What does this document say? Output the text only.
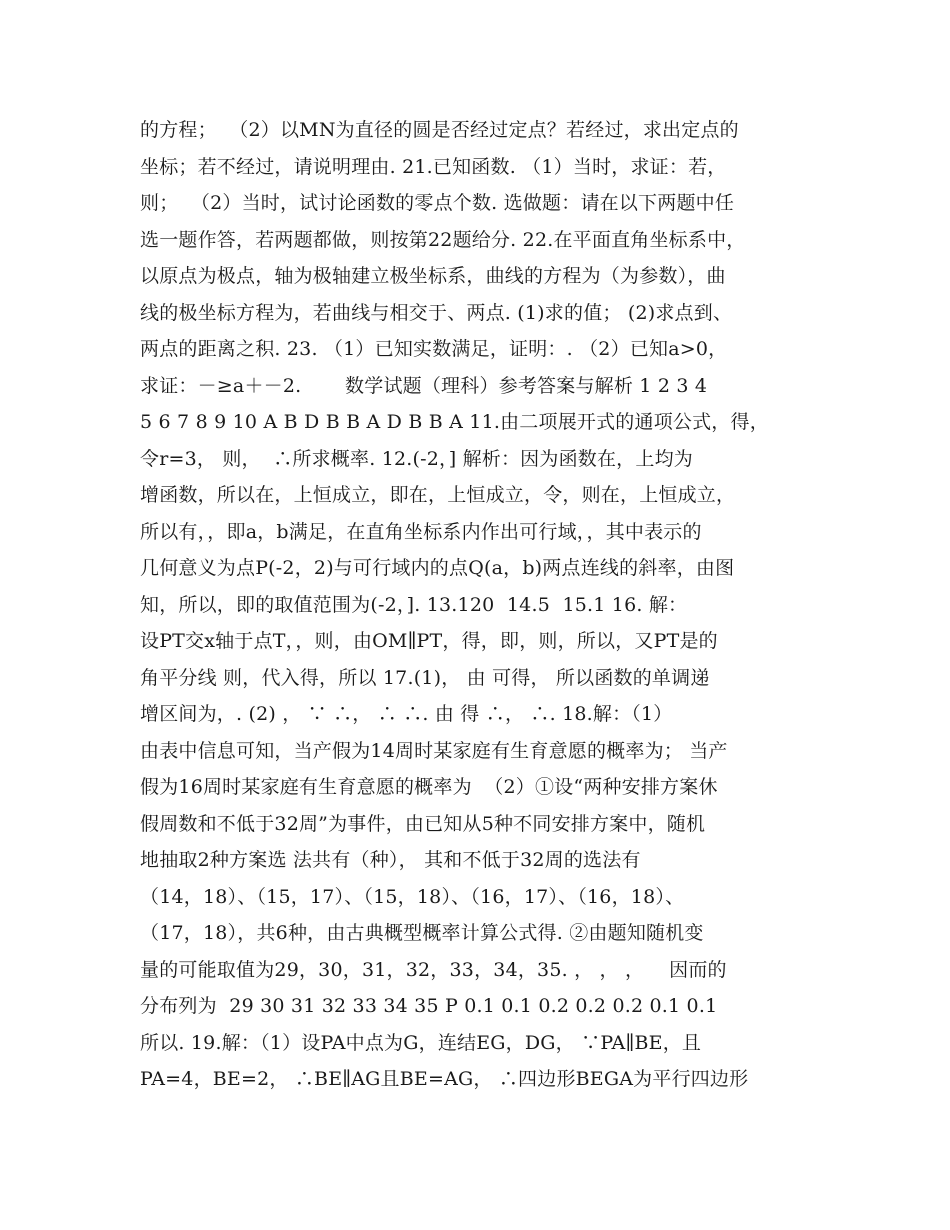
的方程；  （2）以MN为直径的圆是否经过定点？若经过，求出定点的
坐标；若不经过，请说明理由. 21.已知函数. （1）当时，求证：若，
则；  （2）当时，试讨论函数的零点个数. 选做题：请在以下两题中任
选一题作答，若两题都做，则按第22题给分. 22.在平面直角坐标系中，
以原点为极点，轴为极轴建立极坐标系，曲线的方程为（为参数），曲
线的极坐标方程为，若曲线与相交于、两点. (1)求的值； (2)求点到、
两点的距离之积. 23. （1）已知实数满足，证明：. （2）已知a>0，
求证：－≥a＋－2.       数学试题（理科）参考答案与解析 1 2 3 4
5 6 7 8 9 10 A B D B B A D B B A 11.由二项展开式的通项公式，得，
令r=3， 则，  ∴所求概率. 12.(-2，] 解析：因为函数在，上均为
增函数，所以在，上恒成立，即在，上恒成立，令，则在，上恒成立，
所以有，，即a，b满足，在直角坐标系内作出可行域，，其中表示的
几何意义为点P(-2，2)与可行域内的点Q(a，b)两点连线的斜率，由图
知，所以，即的取值范围为(-2，]. 13.120  14.5  15.1 16. 解：
设PT交x轴于点T，，则，由OM∥PT，得，即，则，所以，又PT是的
角平分线 则，代入得，所以 17.(1)， 由 可得， 所以函数的单调递
增区间为，. (2) ， ∵ ∴， ∴ ∴. 由 得 ∴， ∴. 18.解：（1）
由表中信息可知，当产假为14周时某家庭有生育意愿的概率为； 当产
假为16周时某家庭有生育意愿的概率为  （2）①设“两种安排方案休
假周数和不低于32周”为事件，由已知从5种不同安排方案中，随机
地抽取2种方案选 法共有（种）， 其和不低于32周的选法有
（14，18）、（15，17）、（15，18）、（16，17）、（16，18）、
（17，18），共6种，由古典概型概率计算公式得. ②由题知随机变
量的可能取值为29，30，31，32，33，34，35. ， ， ，    因而的
分布列为  29 30 31 32 33 34 35 P 0.1 0.1 0.2 0.2 0.2 0.1 0.1
所以. 19.解：（1）设PA中点为G，连结EG，DG， ∵PA∥BE，且
PA=4，BE=2， ∴BE∥AG且BE=AG， ∴四边形BEGA为平行四边形
